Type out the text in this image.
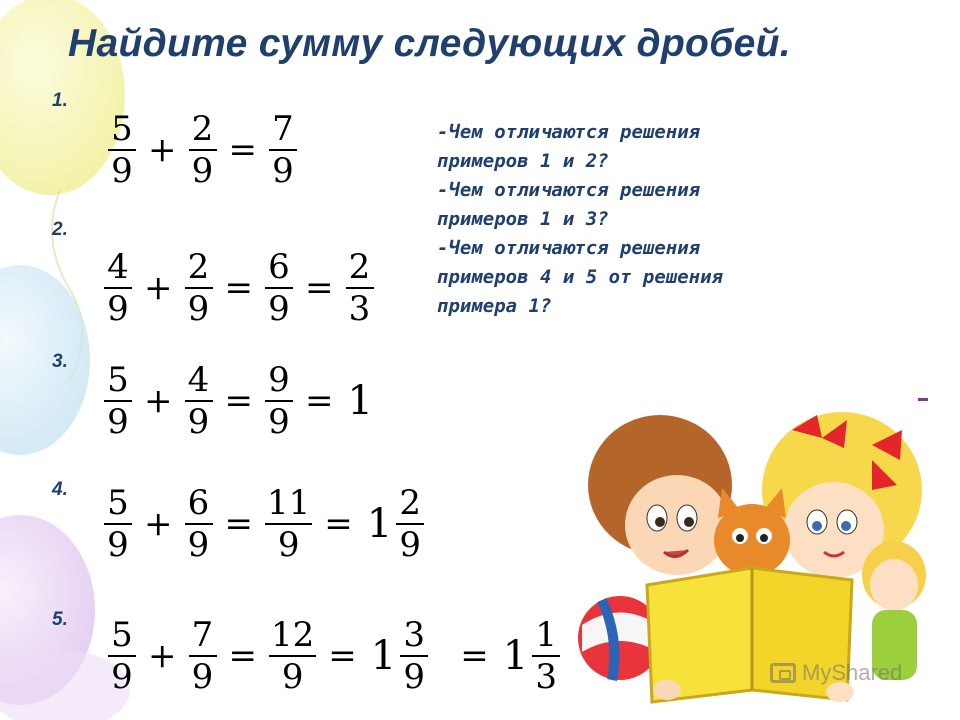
Найдите сумму следующих дробей.
1.
2.
3.
4.
5.
$\frac{5}{9} + \frac{2}{9} = \frac{7}{9}$
$\frac{4}{9} + \frac{2}{9} = \frac{6}{9} = \frac{2}{3}$
$\frac{5}{9} + \frac{4}{9} = \frac{9}{9} = 1$
$\frac{5}{9} + \frac{6}{9} = \frac{11}{9} = 1 \frac{2}{9}$
$\frac{5}{9} + \frac{7}{9} = \frac{12}{9} = 1 \frac{3}{9} = 1 \frac{1}{3}$
-Чем отличаются решения
примеров 1 и 2?
-Чем отличаются решения
примеров 1 и 3?
-Чем отличаются решения
примеров 4 и 5 от решения
примера 1?
MyShared
